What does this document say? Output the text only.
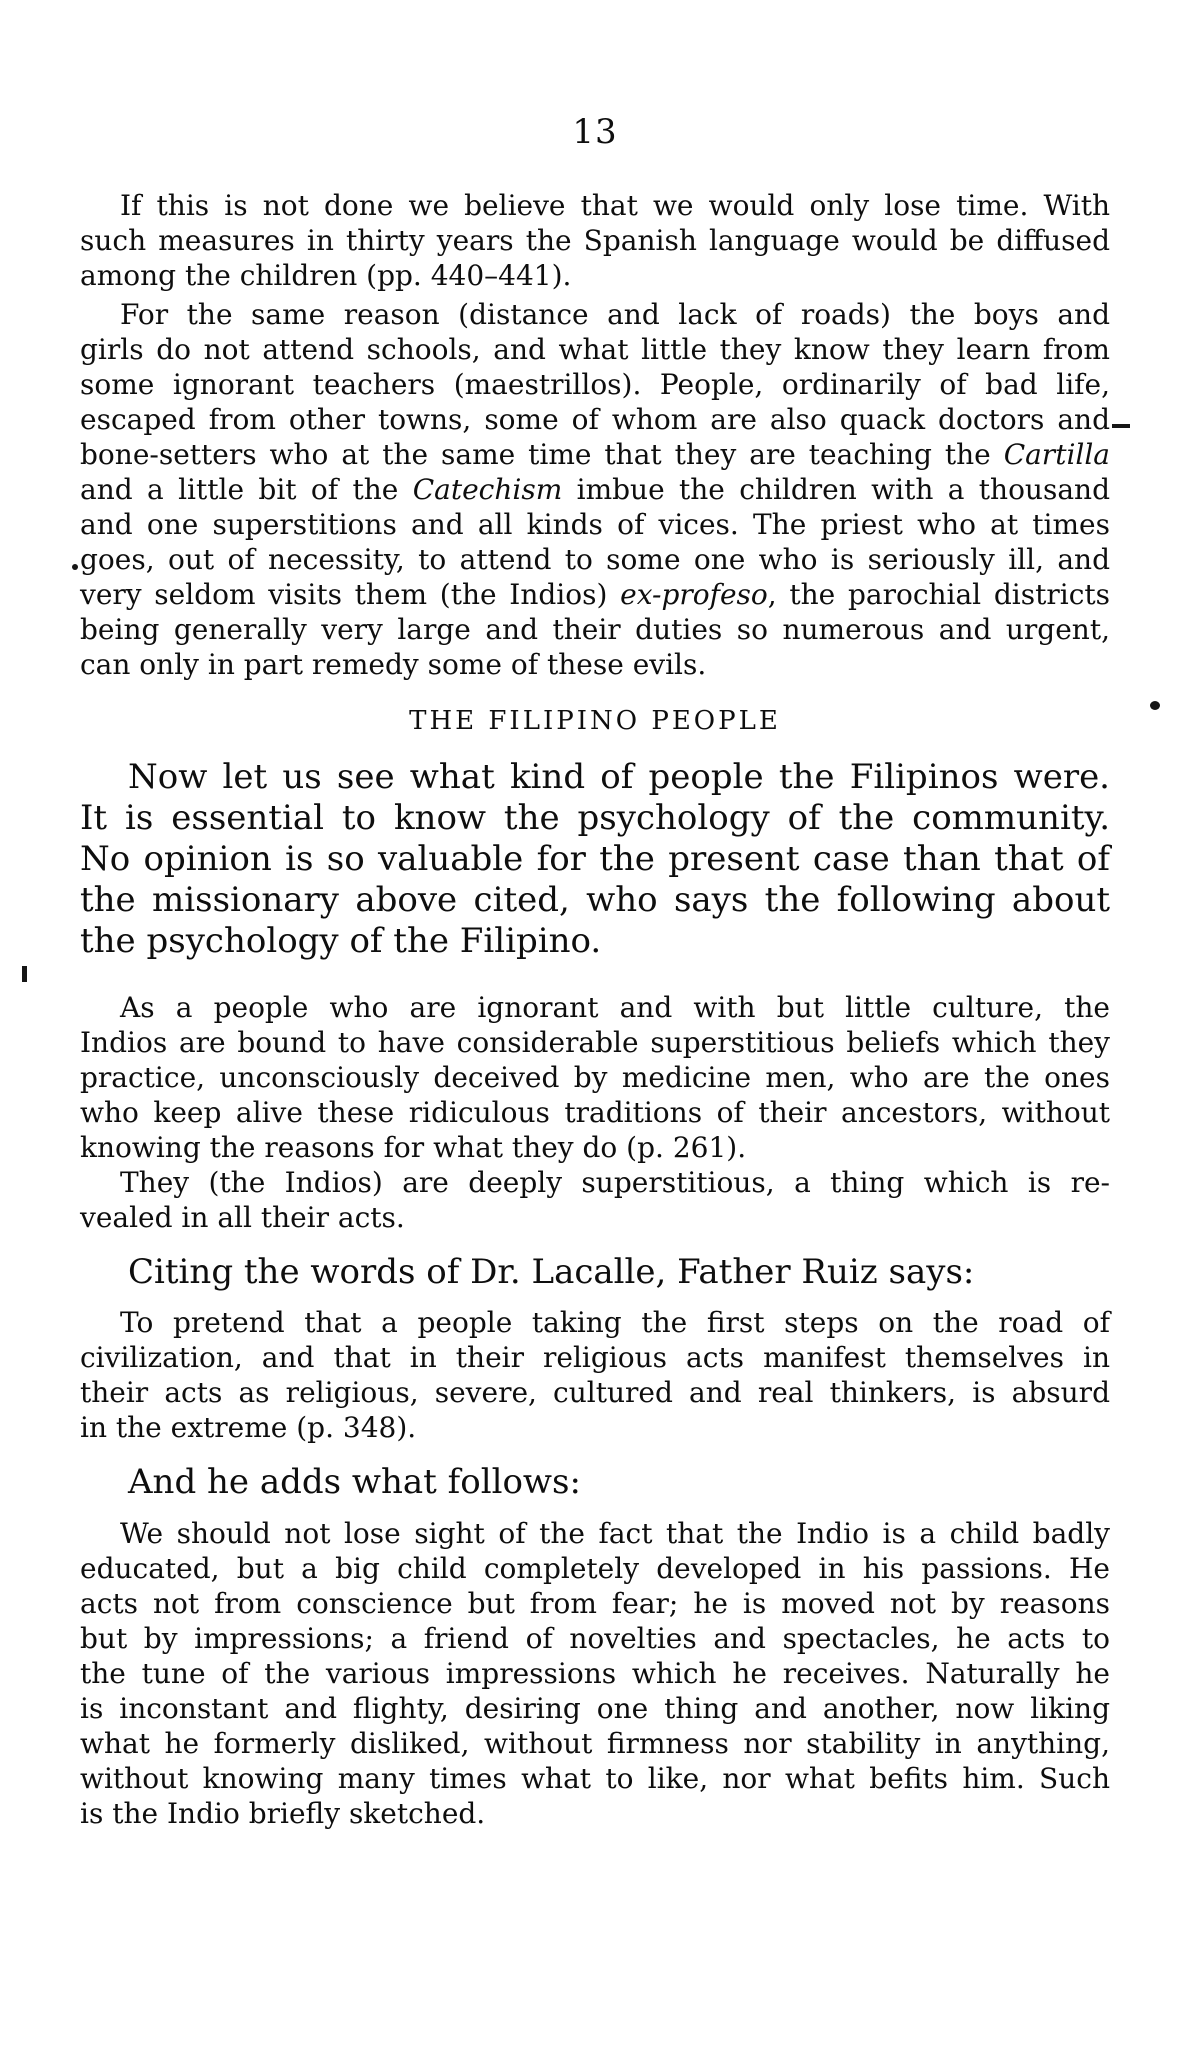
13
If this is not done we believe that we would only lose time. With
such measures in thirty years the Spanish language would be diffused
among the children (pp. 440–441).
For the same reason (distance and lack of roads) the boys and
girls do not attend schools, and what little they know they learn from
some ignorant teachers (maestrillos). People, ordinarily of bad life,
escaped from other towns, some of whom are also quack doctors and
bone-setters who at the same time that they are teaching the Cartilla
and a little bit of the Catechism imbue the children with a thousand
and one superstitions and all kinds of vices. The priest who at times
goes, out of necessity, to attend to some one who is seriously ill, and
very seldom visits them (the Indios) ex-profeso, the parochial districts
being generally very large and their duties so numerous and urgent,
can only in part remedy some of these evils.
THE FILIPINO PEOPLE
Now let us see what kind of people the Filipinos were.
It is essential to know the psychology of the community.
No opinion is so valuable for the present case than that of
the missionary above cited, who says the following about
the psychology of the Filipino.
As a people who are ignorant and with but little culture, the
Indios are bound to have considerable superstitious beliefs which they
practice, unconsciously deceived by medicine men, who are the ones
who keep alive these ridiculous traditions of their ancestors, without
knowing the reasons for what they do (p. 261).
They (the Indios) are deeply superstitious, a thing which is re-
vealed in all their acts.
Citing the words of Dr. Lacalle, Father Ruiz says:
To pretend that a people taking the first steps on the road of
civilization, and that in their religious acts manifest themselves in
their acts as religious, severe, cultured and real thinkers, is absurd
in the extreme (p. 348).
And he adds what follows:
We should not lose sight of the fact that the Indio is a child badly
educated, but a big child completely developed in his passions. He
acts not from conscience but from fear; he is moved not by reasons
but by impressions; a friend of novelties and spectacles, he acts to
the tune of the various impressions which he receives. Naturally he
is inconstant and flighty, desiring one thing and another, now liking
what he formerly disliked, without firmness nor stability in anything,
without knowing many times what to like, nor what befits him. Such
is the Indio briefly sketched.
